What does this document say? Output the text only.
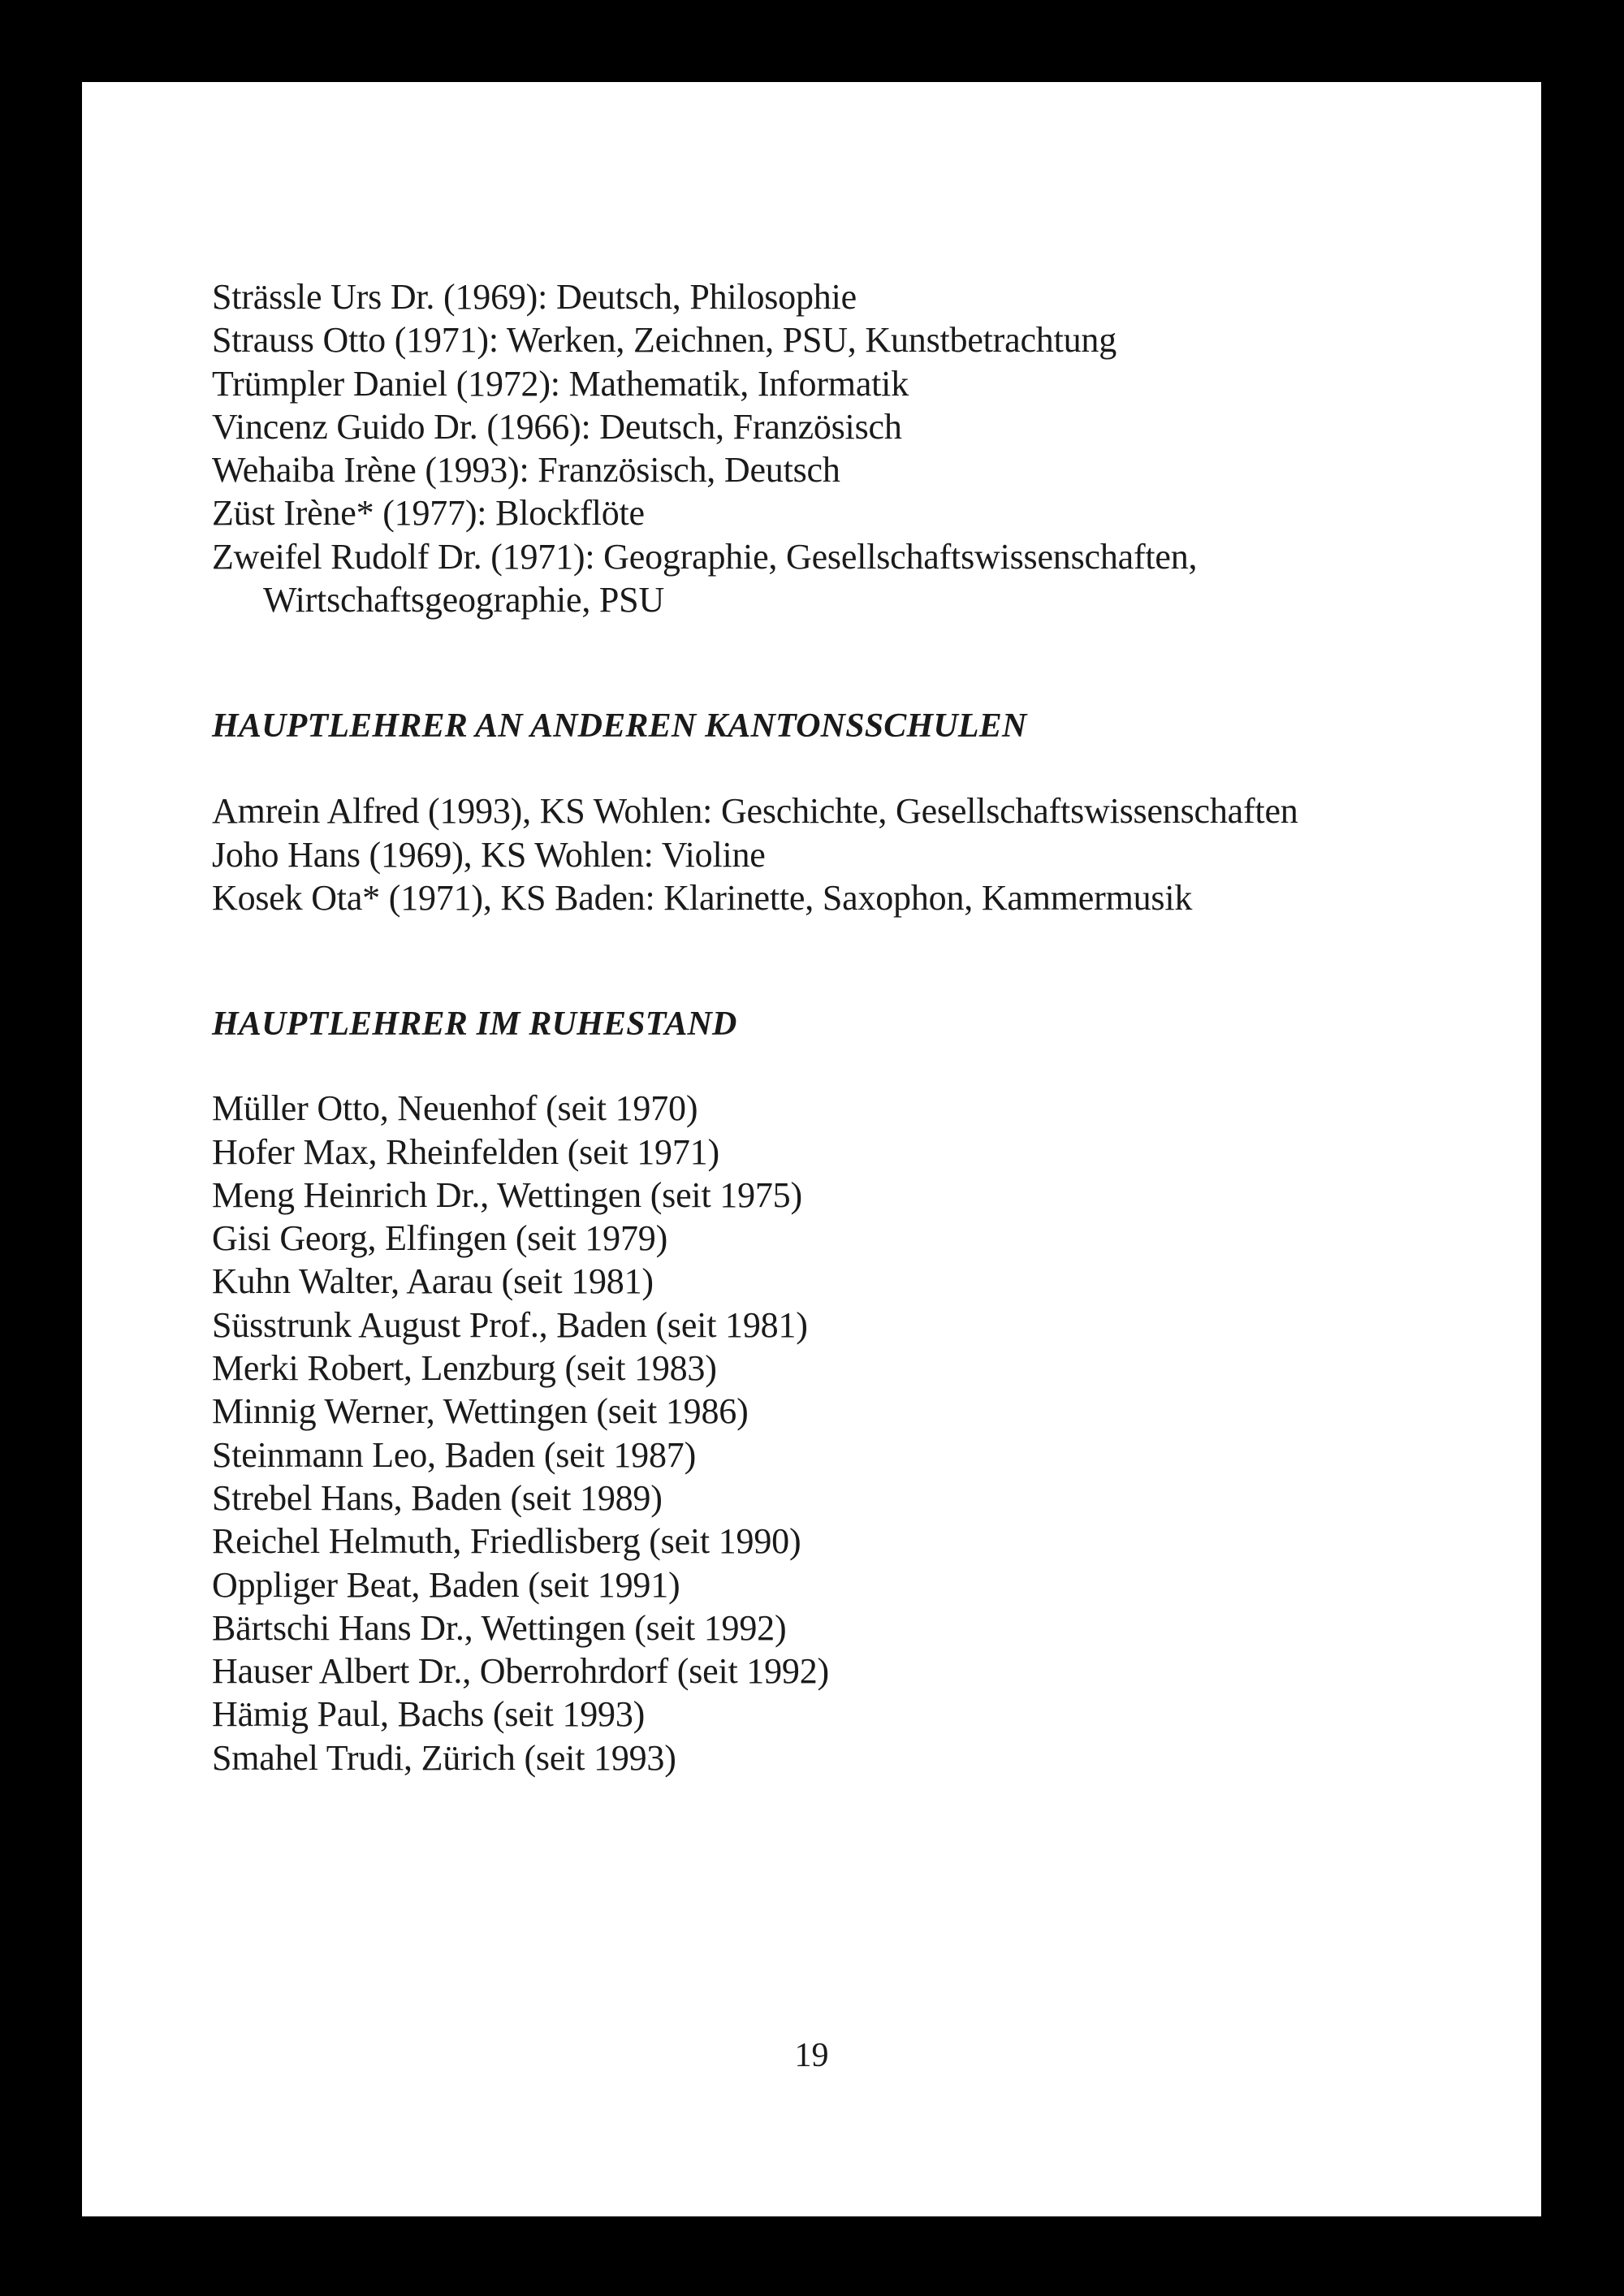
Strässle Urs Dr. (1969): Deutsch, Philosophie
Strauss Otto (1971): Werken, Zeichnen, PSU, Kunstbetrachtung
Trümpler Daniel (1972): Mathematik, Informatik
Vincenz Guido Dr. (1966): Deutsch, Französisch
Wehaiba Irène (1993): Französisch, Deutsch
Züst Irène* (1977): Blockflöte
Zweifel Rudolf Dr. (1971): Geographie, Gesellschaftswissenschaften,
Wirtschaftsgeographie, PSU
HAUPTLEHRER AN ANDEREN KANTONSSCHULEN
Amrein Alfred (1993), KS Wohlen: Geschichte, Gesellschaftswissenschaften
Joho Hans (1969), KS Wohlen: Violine
Kosek Ota* (1971), KS Baden: Klarinette, Saxophon, Kammermusik
HAUPTLEHRER IM RUHESTAND
Müller Otto, Neuenhof (seit 1970)
Hofer Max, Rheinfelden (seit 1971)
Meng Heinrich Dr., Wettingen (seit 1975)
Gisi Georg, Elfingen (seit 1979)
Kuhn Walter, Aarau (seit 1981)
Süsstrunk August Prof., Baden (seit 1981)
Merki Robert, Lenzburg (seit 1983)
Minnig Werner, Wettingen (seit 1986)
Steinmann Leo, Baden (seit 1987)
Strebel Hans, Baden (seit 1989)
Reichel Helmuth, Friedlisberg (seit 1990)
Oppliger Beat, Baden (seit 1991)
Bärtschi Hans Dr., Wettingen (seit 1992)
Hauser Albert Dr., Oberrohrdorf (seit 1992)
Hämig Paul, Bachs (seit 1993)
Smahel Trudi, Zürich (seit 1993)
19
